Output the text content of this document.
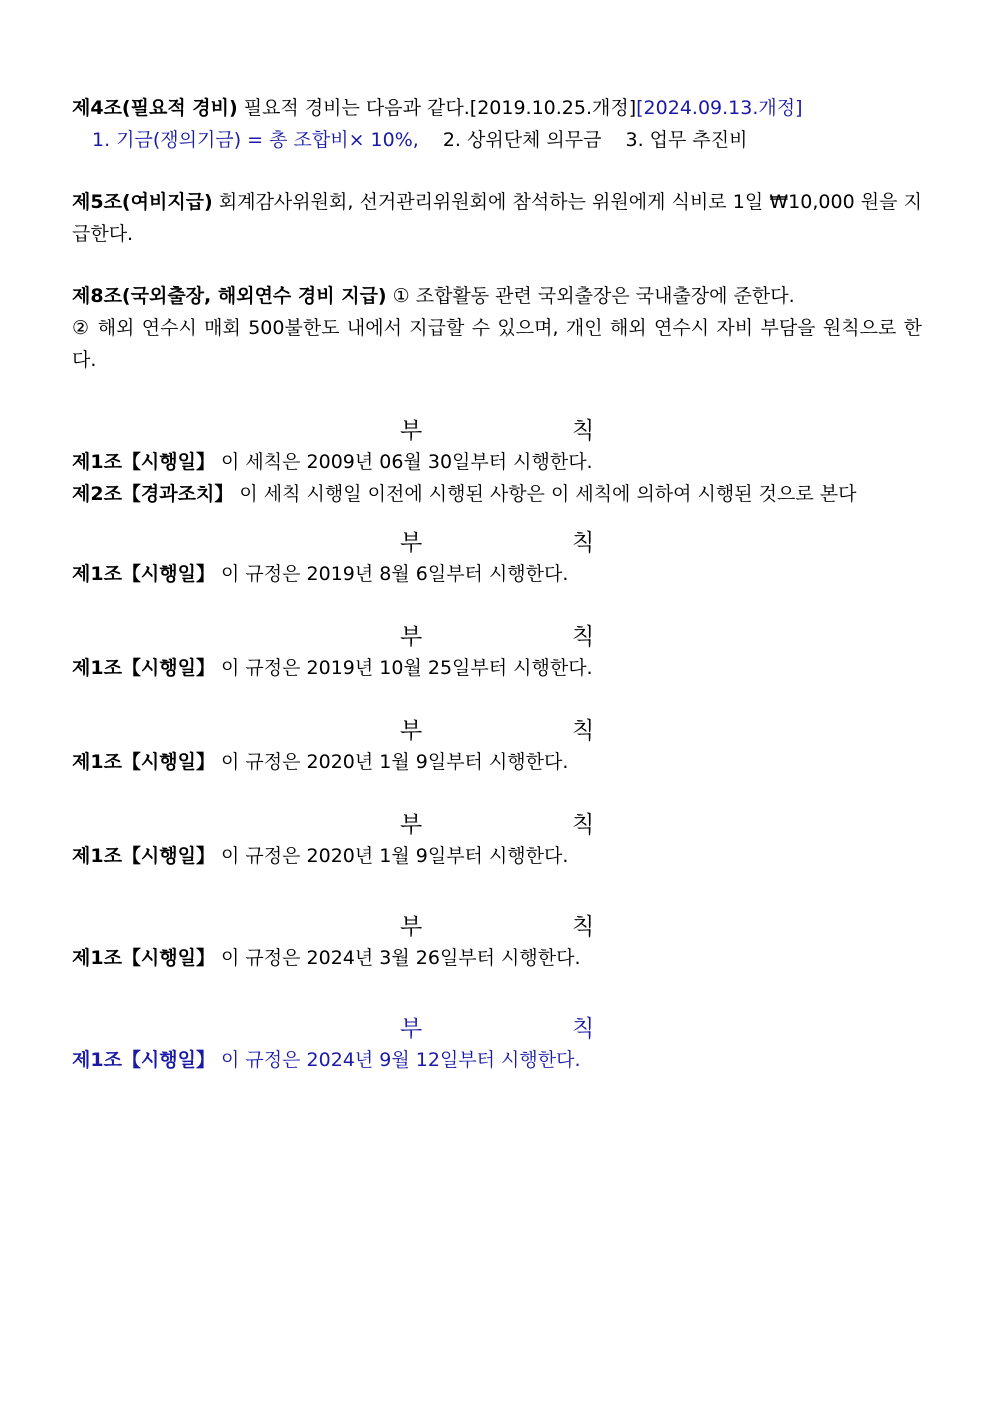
제4조(필요적 경비) 필요적 경비는 다음과 같다.[2019.10.25.개정][2024.09.13.개정]
1. 기금(쟁의기금) = 총 조합비× 10%, 2. 상위단체 의무금 3. 업무 추진비
제5조(여비지급) 회계감사위원회, 선거관리위원회에 참석하는 위원에게 식비로 1일 ₩10,000 원을 지급한다.
제8조(국외출장, 해외연수 경비 지급) ① 조합활동 관련 국외출장은 국내출장에 준한다.
② 해외 연수시 매회 500불한도 내에서 지급할 수 있으며, 개인 해외 연수시 자비 부담을 원칙으로 한다.
부	칙
제1조【시행일】 이 세칙은 2009년 06월 30일부터 시행한다.
제2조【경과조치】 이 세칙 시행일 이전에 시행된 사항은 이 세칙에 의하여 시행된 것으로 본다
부	칙
제1조【시행일】 이 규정은 2019년 8월 6일부터 시행한다.
부	칙
제1조【시행일】 이 규정은 2019년 10월 25일부터 시행한다.
부	칙
제1조【시행일】 이 규정은 2020년 1월 9일부터 시행한다.
부	칙
제1조【시행일】 이 규정은 2020년 1월 9일부터 시행한다.
부	칙
제1조【시행일】 이 규정은 2024년 3월 26일부터 시행한다.
부	칙
제1조【시행일】 이 규정은 2024년 9월 12일부터 시행한다.
